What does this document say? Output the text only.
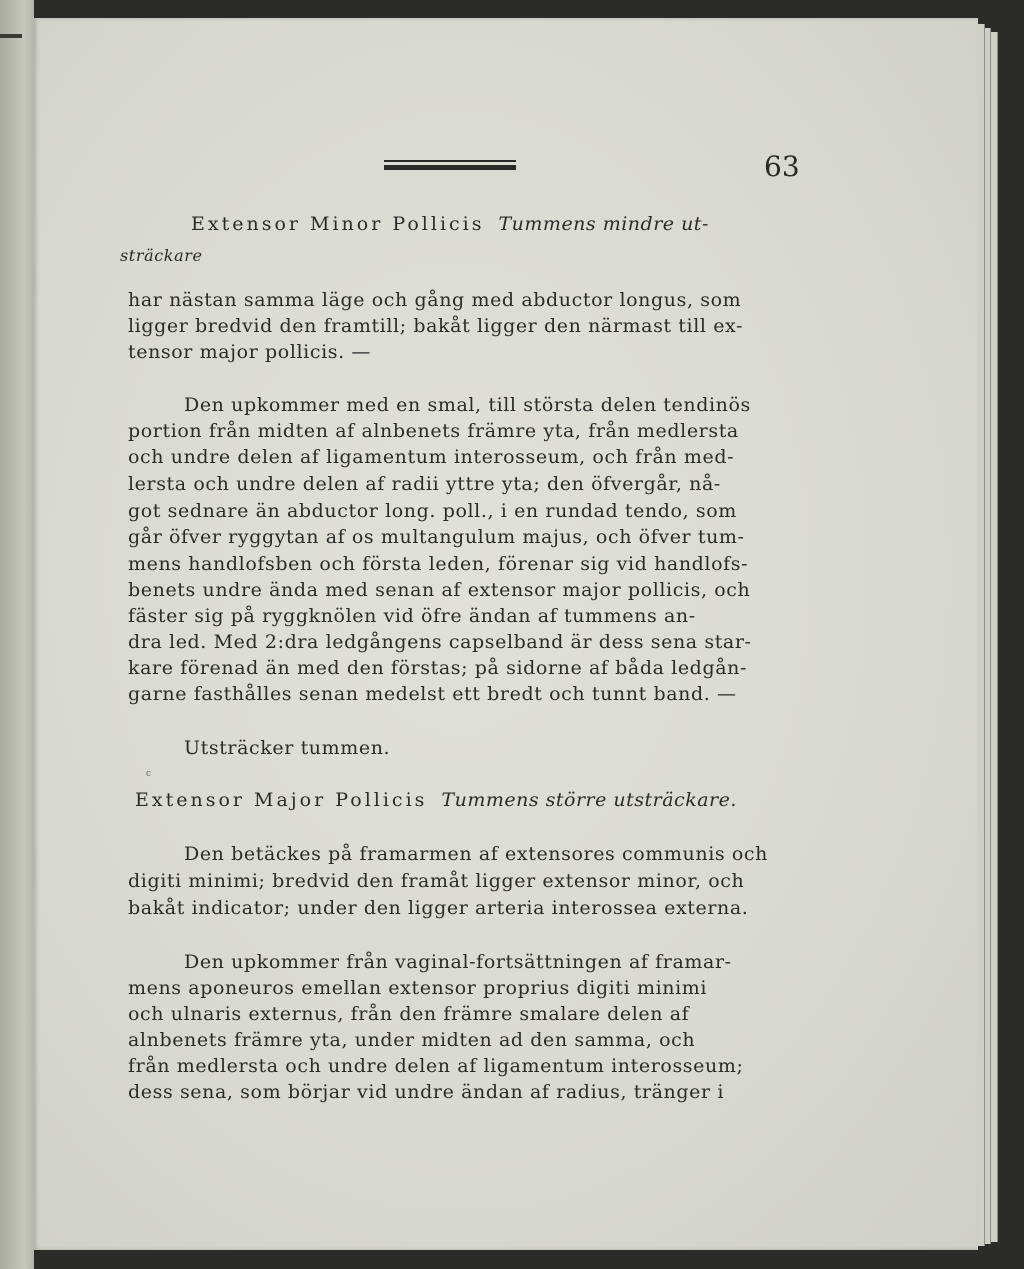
63
Extensor Minor Pollicis Tummens mindre ut-
sträckare
har nästan samma läge och gång med abductor longus, som
ligger bredvid den framtill; bakåt ligger den närmast till ex-
tensor major pollicis. —
Den upkommer med en smal, till största delen tendinös
portion från midten af alnbenets främre yta, från medlersta
och undre delen af ligamentum interosseum, och från med-
lersta och undre delen af radii yttre yta; den öfvergår, nå-
got sednare än abductor long. poll., i en rundad tendo, som
går öfver ryggytan af os multangulum majus, och öfver tum-
mens handlofsben och första leden, förenar sig vid handlofs-
benets undre ända med senan af extensor major pollicis, och
fäster sig på ryggknölen vid öfre ändan af tummens an-
dra led. Med 2:dra ledgångens capselband är dess sena star-
kare förenad än med den förstas; på sidorne af båda ledgån-
garne fasthålles senan medelst ett bredt och tunnt band. —
Utsträcker tummen.
c
Extensor Major Pollicis Tummens större utsträckare.
Den betäckes på framarmen af extensores communis och
digiti minimi; bredvid den framåt ligger extensor minor, och
bakåt indicator; under den ligger arteria interossea externa.
Den upkommer från vaginal-fortsättningen af framar-
mens aponeuros emellan extensor proprius digiti minimi
och ulnaris externus, från den främre smalare delen af
alnbenets främre yta, under midten ad den samma, och
från medlersta och undre delen af ligamentum interosseum;
dess sena, som börjar vid undre ändan af radius, tränger i
